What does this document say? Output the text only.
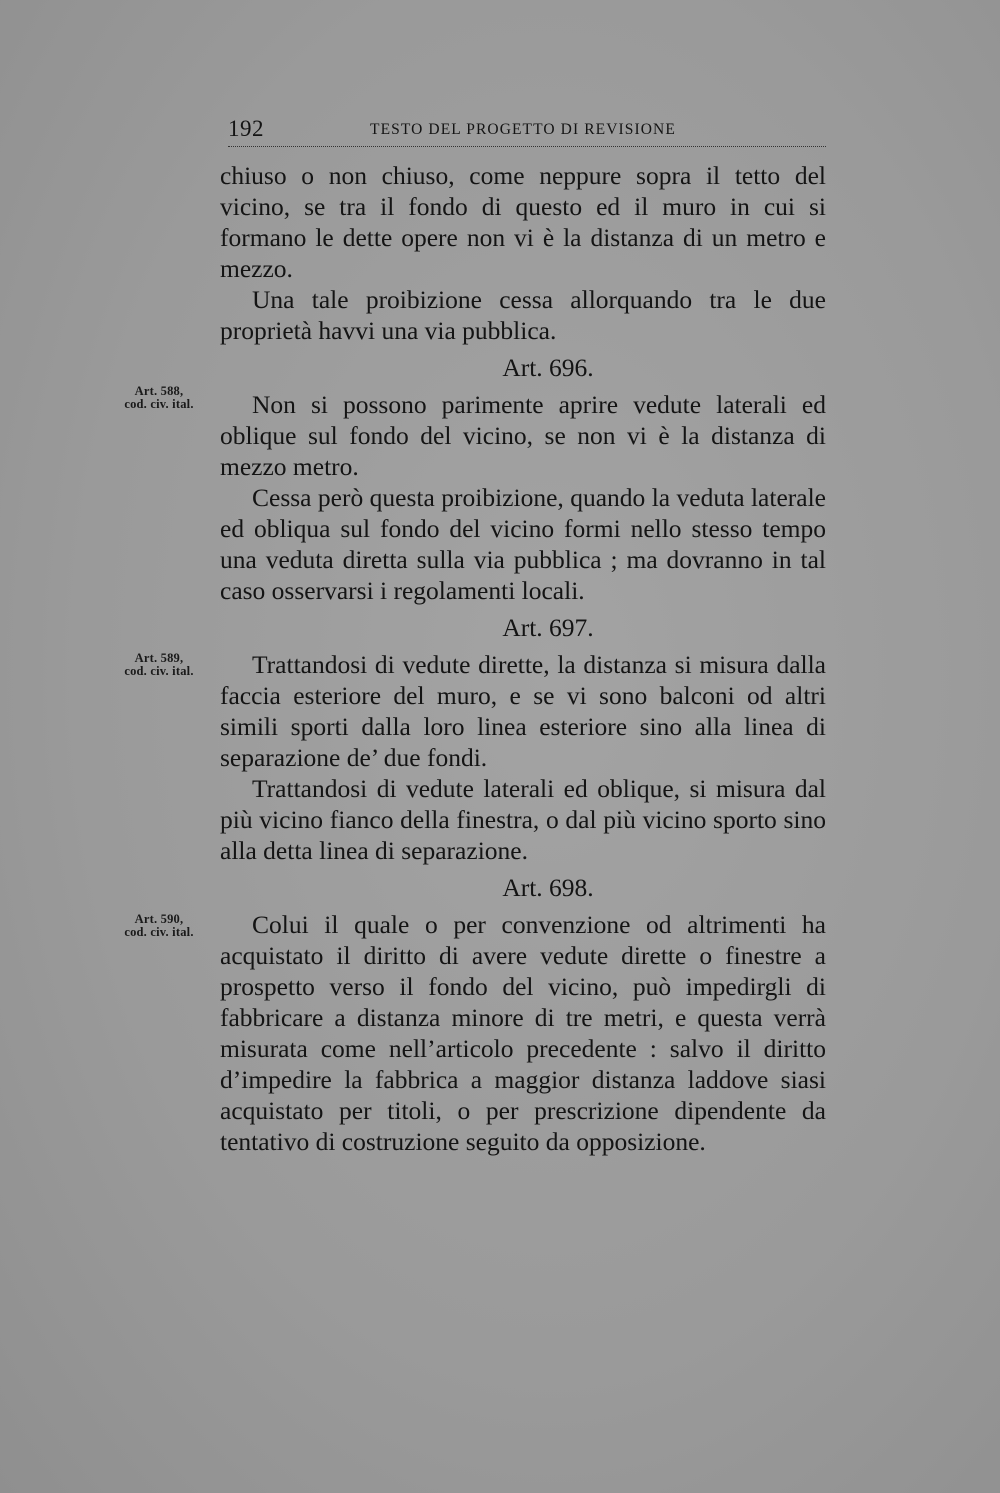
192	TESTO DEL PROGETTO DI REVISIONE
Art. 588,
cod. civ. ital.
Art. 589,
cod. civ. ital.
Art. 590,
cod. civ. ital.

chiuso o non chiuso, come neppure sopra il tetto del vicino, se tra il fondo di questo ed il muro in cui si formano le dette opere non vi è la distanza di un metro e mezzo.

Una tale proibizione cessa allorquando tra le due proprietà havvi una via pubblica.

Art. 696.

Non si possono parimente aprire vedute laterali ed oblique sul fondo del vicino, se non vi è la distanza di mezzo metro.

Cessa però questa proibizione, quando la veduta laterale ed obliqua sul fondo del vicino formi nello stesso tempo una veduta diretta sulla via pubblica ; ma dovranno in tal caso osservarsi i regolamenti locali.

Art. 697.

Trattandosi di vedute dirette, la distanza si misura dalla faccia esteriore del muro, e se vi sono balconi od altri simili sporti dalla loro linea esteriore sino alla linea di separazione de’ due fondi.

Trattandosi di vedute laterali ed oblique, si misura dal più vicino fianco della finestra, o dal più vicino sporto sino alla detta linea di separazione.

Art. 698.

Colui il quale o per convenzione od altrimenti ha acquistato il diritto di avere vedute dirette o finestre a prospetto verso il fondo del vicino, può impedirgli di fabbricare a distanza minore di tre metri, e questa verrà misurata come nell’articolo precedente : salvo il diritto d’impedire la fabbrica a maggior distanza laddove siasi acquistato per titoli, o per prescrizione dipendente da tentativo di costruzione seguito da opposizione.
